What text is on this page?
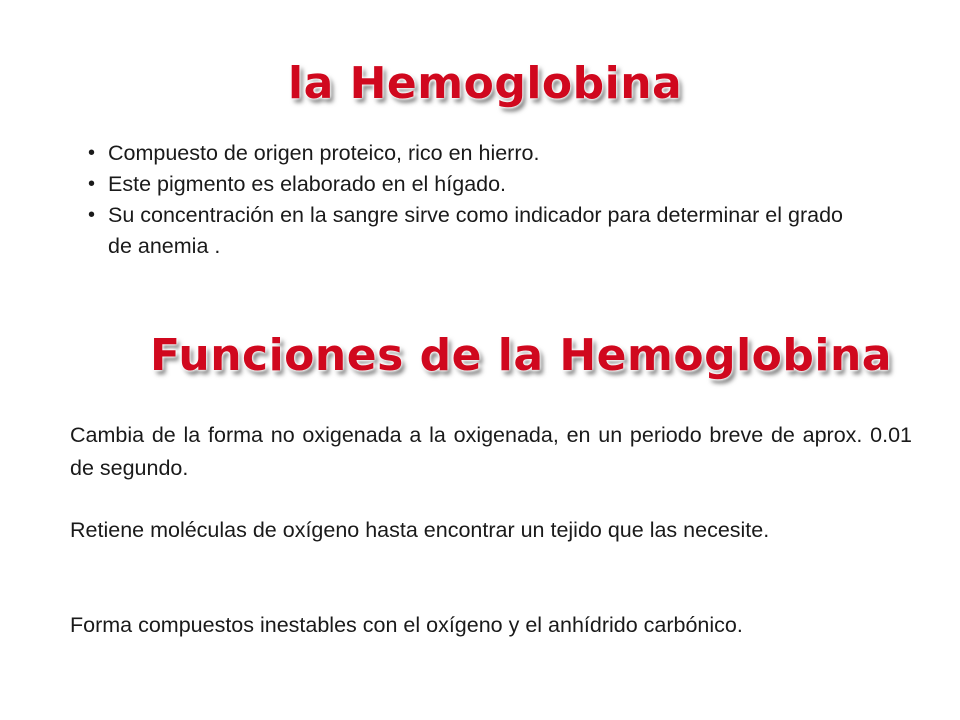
la Hemoglobina
• Compuesto de origen proteico, rico en hierro.
• Este pigmento es elaborado en el hígado.
• Su concentración en la sangre sirve como indicador para determinar el grado de anemia .
Funciones de la Hemoglobina

Cambia de la forma no oxigenada a la oxigenada, en un periodo breve de aprox. 0.01 de segundo.

Retiene moléculas de oxígeno hasta encontrar un tejido que las necesite.

Forma compuestos inestables con el oxígeno y el anhídrido carbónico.
